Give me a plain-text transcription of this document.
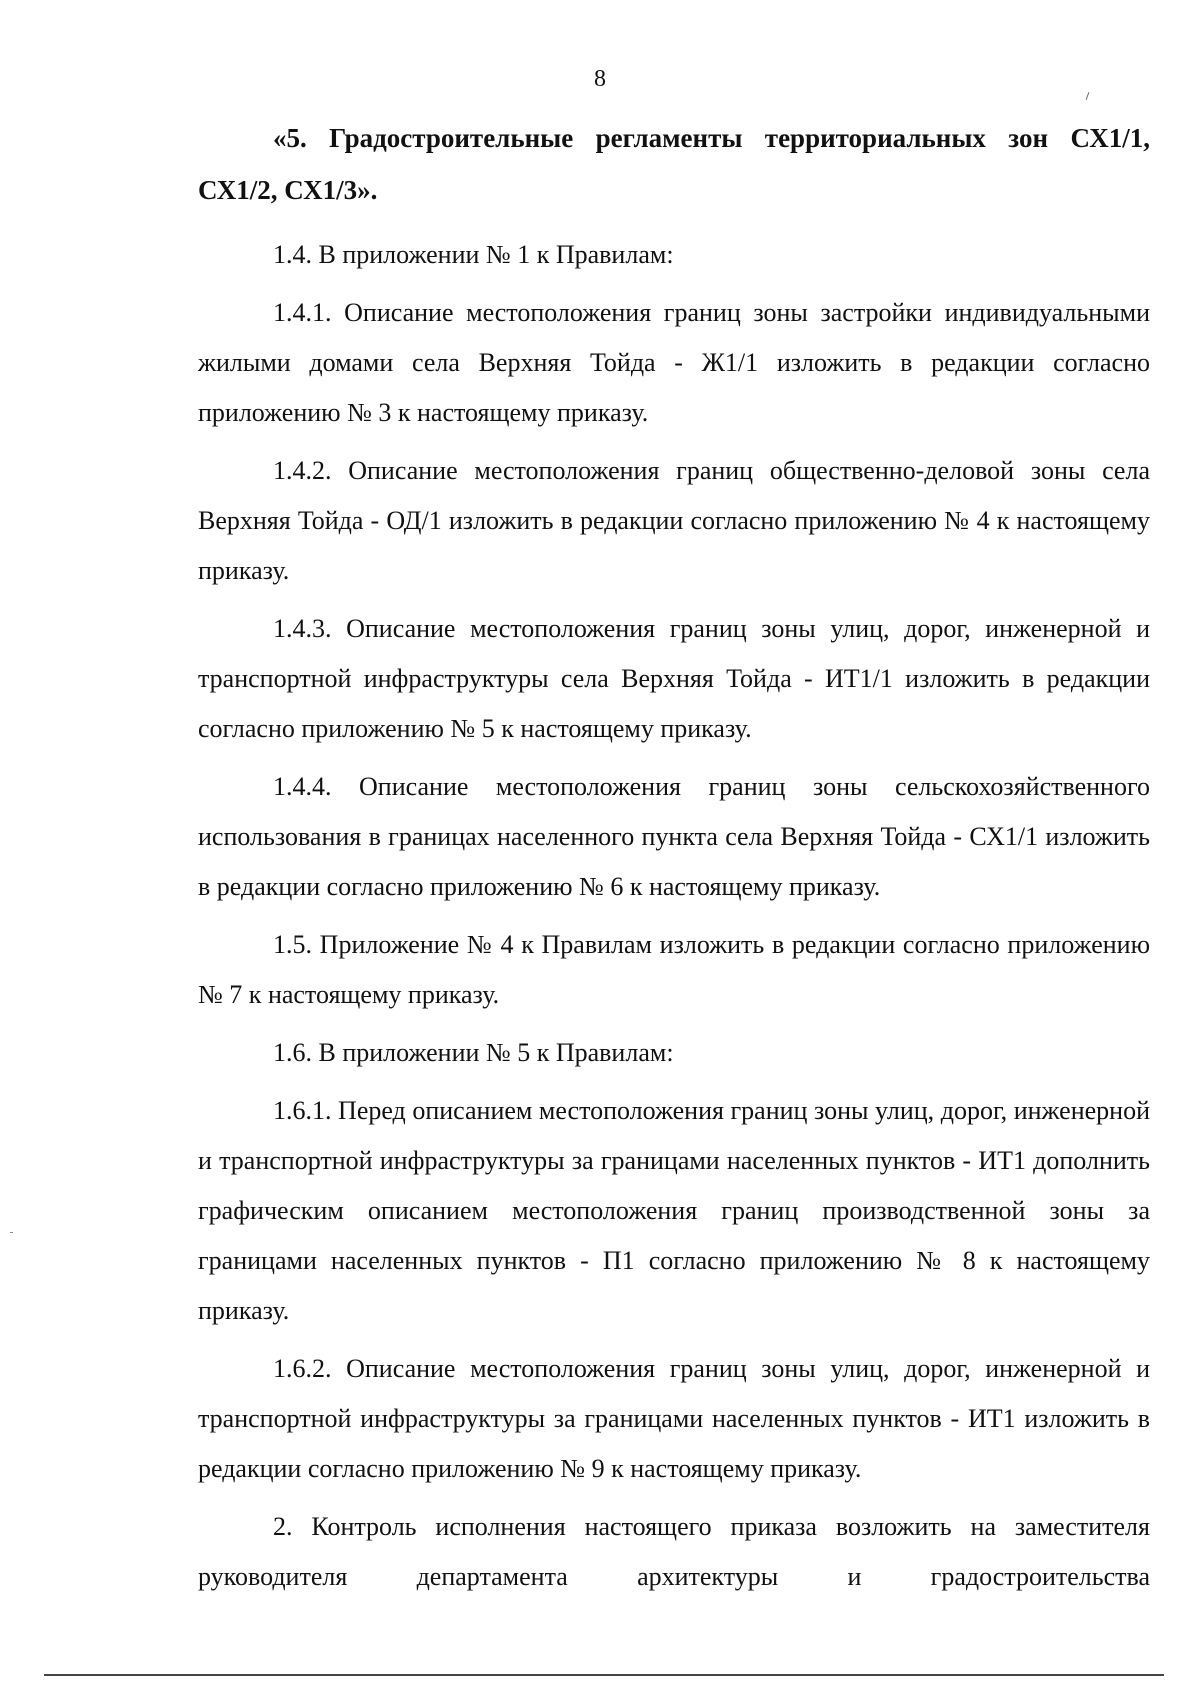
8

«5. Градостроительные регламенты территориальных зон СХ1/1, СХ1/2, СХ1/3».

1.4. В приложении № 1 к Правилам:

1.4.1. Описание местоположения границ зоны застройки индивидуальными жилыми домами села Верхняя Тойда - Ж1/1 изложить в редакции согласно приложению № 3 к настоящему приказу.

1.4.2. Описание местоположения границ общественно-деловой зоны села Верхняя Тойда - ОД/1 изложить в редакции согласно приложению № 4 к настоящему приказу.

1.4.3. Описание местоположения границ зоны улиц, дорог, инженерной и транспортной инфраструктуры села Верхняя Тойда - ИТ1/1 изложить в редакции согласно приложению № 5 к настоящему приказу.

1.4.4. Описание местоположения границ зоны сельскохозяйственного использования в границах населенного пункта села Верхняя Тойда - СХ1/1 изложить в редакции согласно приложению № 6 к настоящему приказу.

1.5. Приложение № 4 к Правилам изложить в редакции согласно приложению № 7 к настоящему приказу.

1.6. В приложении № 5 к Правилам:

1.6.1. Перед описанием местоположения границ зоны улиц, дорог, инженерной и транспортной инфраструктуры за границами населенных пунктов - ИТ1 дополнить графическим описанием местоположения границ производственной зоны за границами населенных пунктов - П1 согласно приложению № 8 к настоящему приказу.

1.6.2. Описание местоположения границ зоны улиц, дорог, инженерной и транспортной инфраструктуры за границами населенных пунктов - ИТ1 изложить в редакции согласно приложению № 9 к настоящему приказу.

2. Контроль исполнения настоящего приказа возложить на заместителя руководителя департамента архитектуры и градостроительства
